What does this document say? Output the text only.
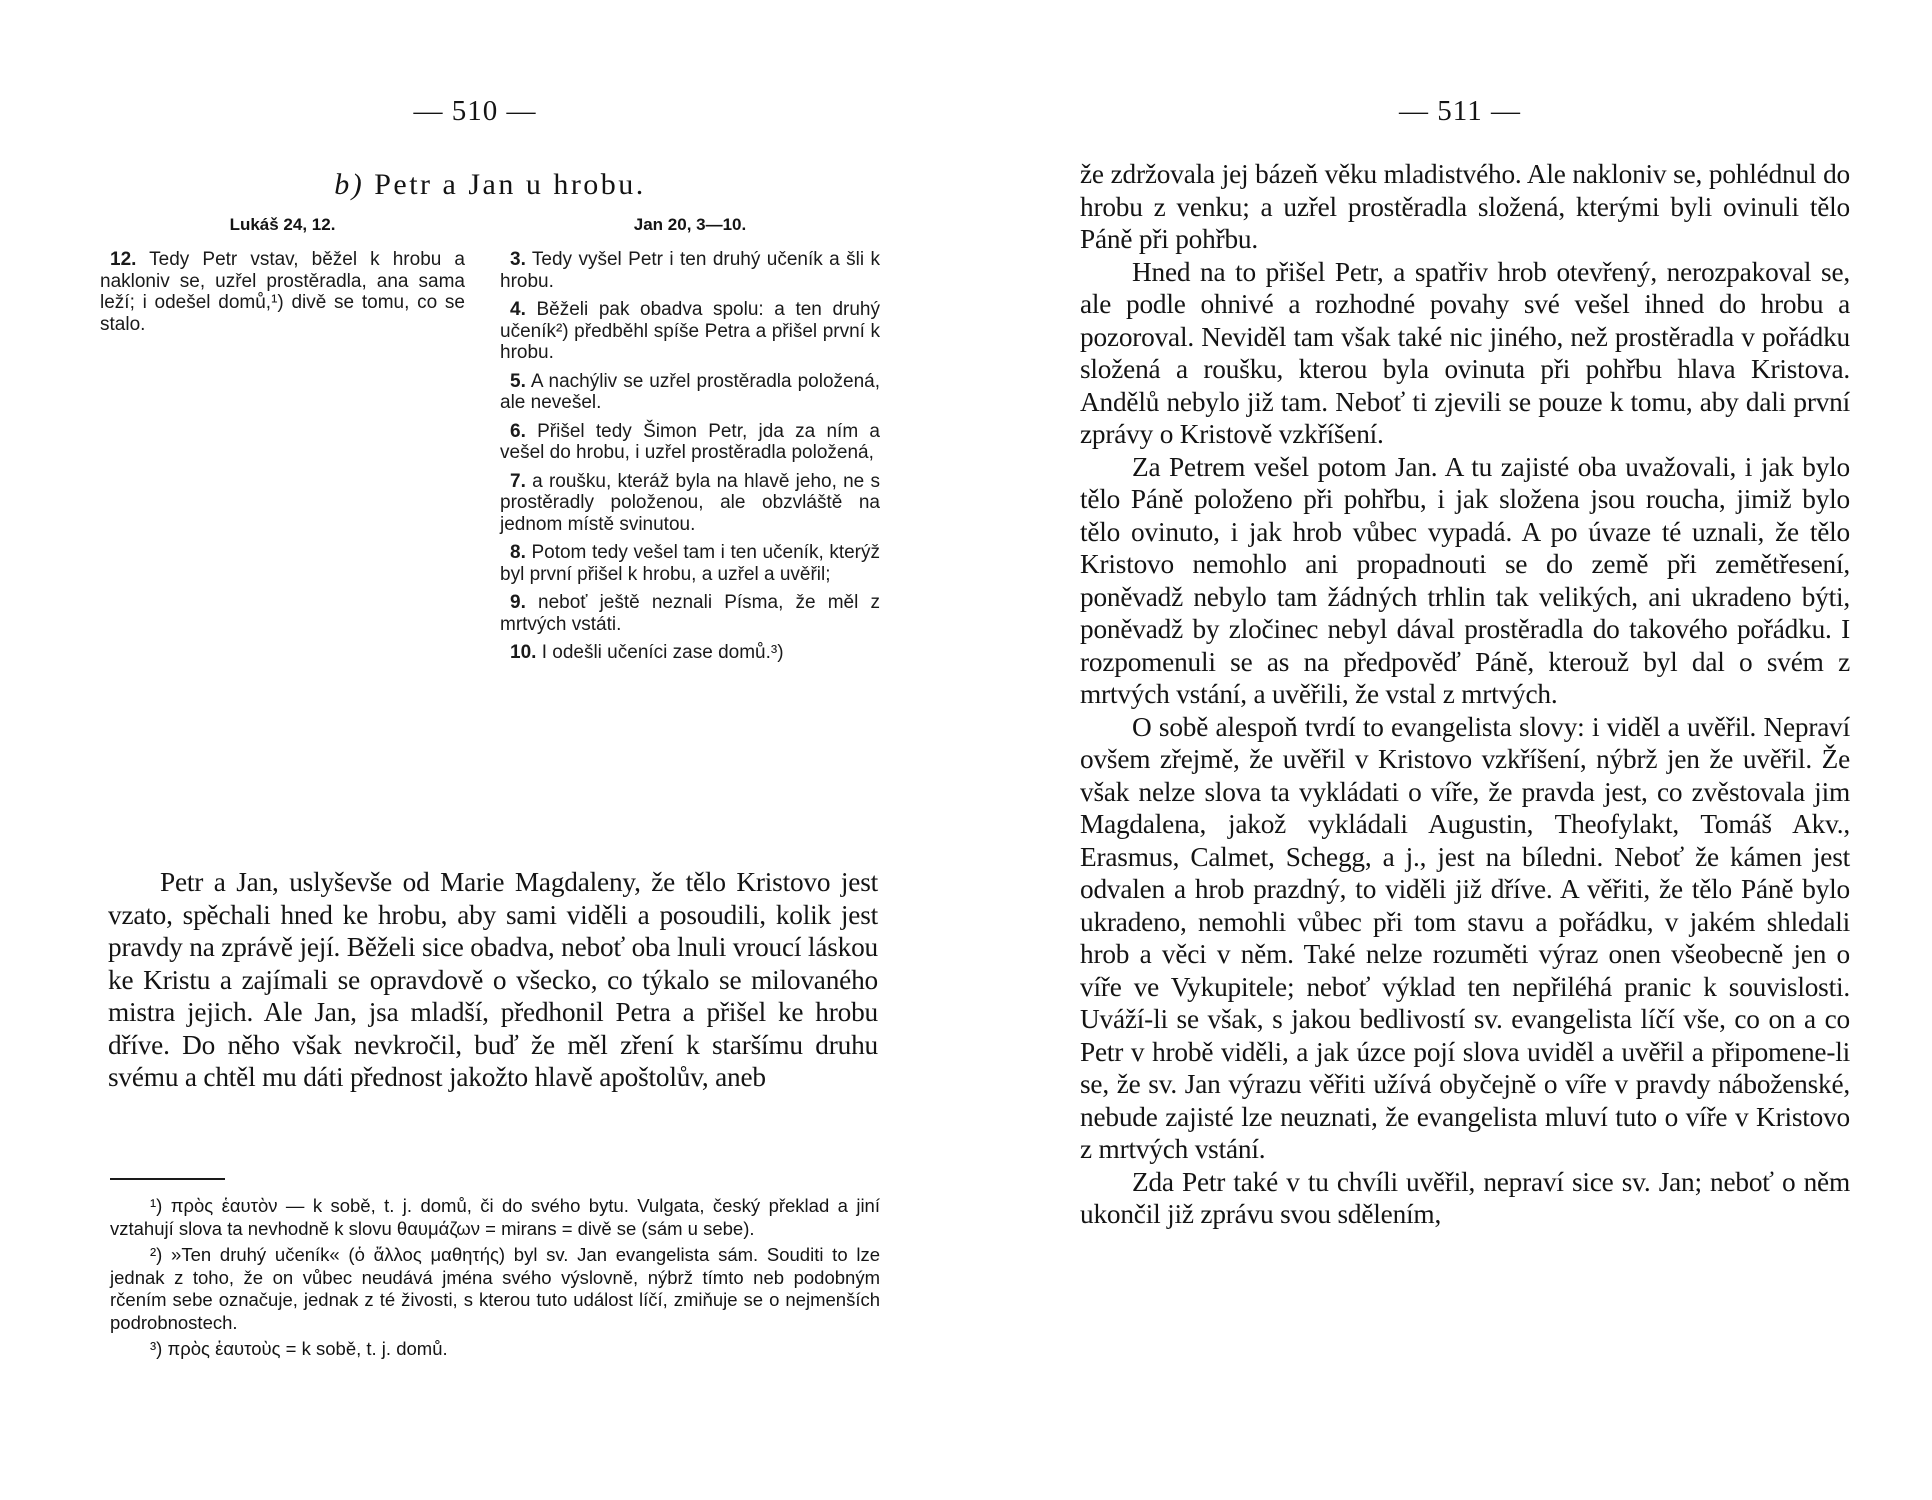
— 510 —
b) Petr a Jan u hrobu.
Lukáš 24, 12.

12. Tedy Petr vstav, běžel k hrobu a nakloniv se, uzřel prostěradla, ana sama leží; i odešel domů,¹) divě se tomu, co se stalo.

Jan 20, 3—10.

3. Tedy vyšel Petr i ten druhý učeník a šli k hrobu.

4. Běželi pak obadva spolu: a ten druhý učeník²) předběhl spíše Petra a přišel první k hrobu.

5. A nachýliv se uzřel prostěradla položená, ale nevešel.

6. Přišel tedy Šimon Petr, jda za ním a vešel do hrobu, i uzřel prostěradla položená,

7. a roušku, kteráž byla na hlavě jeho, ne s prostěradly položenou, ale obzvláště na jednom místě svinutou.

8. Potom tedy vešel tam i ten učeník, kterýž byl první přišel k hrobu, a uzřel a uvěřil;

9. neboť ještě neznali Písma, že měl z mrtvých vstáti.

10. I odešli učeníci zase domů.³)

Petr a Jan, uslyševše od Marie Magdaleny, že tělo Kristovo jest vzato, spěchali hned ke hrobu, aby sami viděli a posoudili, kolik jest pravdy na zprávě její. Běželi sice obadva, neboť oba lnuli vroucí láskou ke Kristu a zajímali se opravdově o všecko, co týkalo se milovaného mistra jejich. Ale Jan, jsa mladší, předhonil Petra a přišel ke hrobu dříve. Do něho však nevkročil, buď že měl zření k staršímu druhu svému a chtěl mu dáti přednost jakožto hlavě apoštolův, aneb

¹) πρὸς ἑαυτὸν — k sobě, t. j. domů, či do svého bytu. Vulgata, český překlad a jiní vztahují slova ta nevhodně k slovu θαυμάζων = mirans = divě se (sám u sebe).

²) »Ten druhý učeník« (ὁ ἄλλος μαθητής) byl sv. Jan evangelista sám. Souditi to lze jednak z toho, že on vůbec neudává jména svého výslovně, nýbrž tímto neb podobným rčením sebe označuje, jednak z té živosti, s kterou tuto událost líčí, zmiňuje se o nejmenších podrobnostech.

³) πρὸς ἑαυτοὺς = k sobě, t. j. domů.

— 511 —

že zdržovala jej bázeň věku mladistvého. Ale nakloniv se, pohlédnul do hrobu z venku; a uzřel prostěradla složená, kterými byli ovinuli tělo Páně při pohřbu.

Hned na to přišel Petr, a spatřiv hrob otevřený, nerozpakoval se, ale podle ohnivé a rozhodné povahy své vešel ihned do hrobu a pozoroval. Neviděl tam však také nic jiného, než prostěradla v pořádku složená a roušku, kterou byla ovinuta při pohřbu hlava Kristova. Andělů nebylo již tam. Neboť ti zjevili se pouze k tomu, aby dali první zprávy o Kristově vzkříšení.

Za Petrem vešel potom Jan. A tu zajisté oba uvažovali, i jak bylo tělo Páně položeno při pohřbu, i jak složena jsou roucha, jimiž bylo tělo ovinuto, i jak hrob vůbec vypadá. A po úvaze té uznali, že tělo Kristovo nemohlo ani propadnouti se do země při zemětřesení, poněvadž nebylo tam žádných trhlin tak velikých, ani ukradeno býti, poněvadž by zločinec nebyl dával prostěradla do takového pořádku. I rozpomenuli se as na předpověď Páně, kterouž byl dal o svém z mrtvých vstání, a uvěřili, že vstal z mrtvých.

O sobě alespoň tvrdí to evangelista slovy: i viděl a uvěřil. Nepraví ovšem zřejmě, že uvěřil v Kristovo vzkříšení, nýbrž jen že uvěřil. Že však nelze slova ta vykládati o víře, že pravda jest, co zvěstovala jim Magdalena, jakož vykládali Augustin, Theofylakt, Tomáš Akv., Erasmus, Calmet, Schegg, a j., jest na bíledni. Neboť že kámen jest odvalen a hrob prazdný, to viděli již dříve. A věřiti, že tělo Páně bylo ukradeno, nemohli vůbec při tom stavu a pořádku, v jakém shledali hrob a věci v něm. Také nelze rozuměti výraz onen všeobecně jen o víře ve Vykupitele; neboť výklad ten nepřiléhá pranic k souvislosti. Uváží-li se však, s jakou bedlivostí sv. evangelista líčí vše, co on a co Petr v hrobě viděli, a jak úzce pojí slova uviděl a uvěřil a připomene-li se, že sv. Jan výrazu věřiti užívá obyčejně o víře v pravdy náboženské, nebude zajisté lze neuznati, že evangelista mluví tuto o víře v Kristovo z mrtvých vstání.

Zda Petr také v tu chvíli uvěřil, nepraví sice sv. Jan; neboť o něm ukončil již zprávu svou sdělením,
